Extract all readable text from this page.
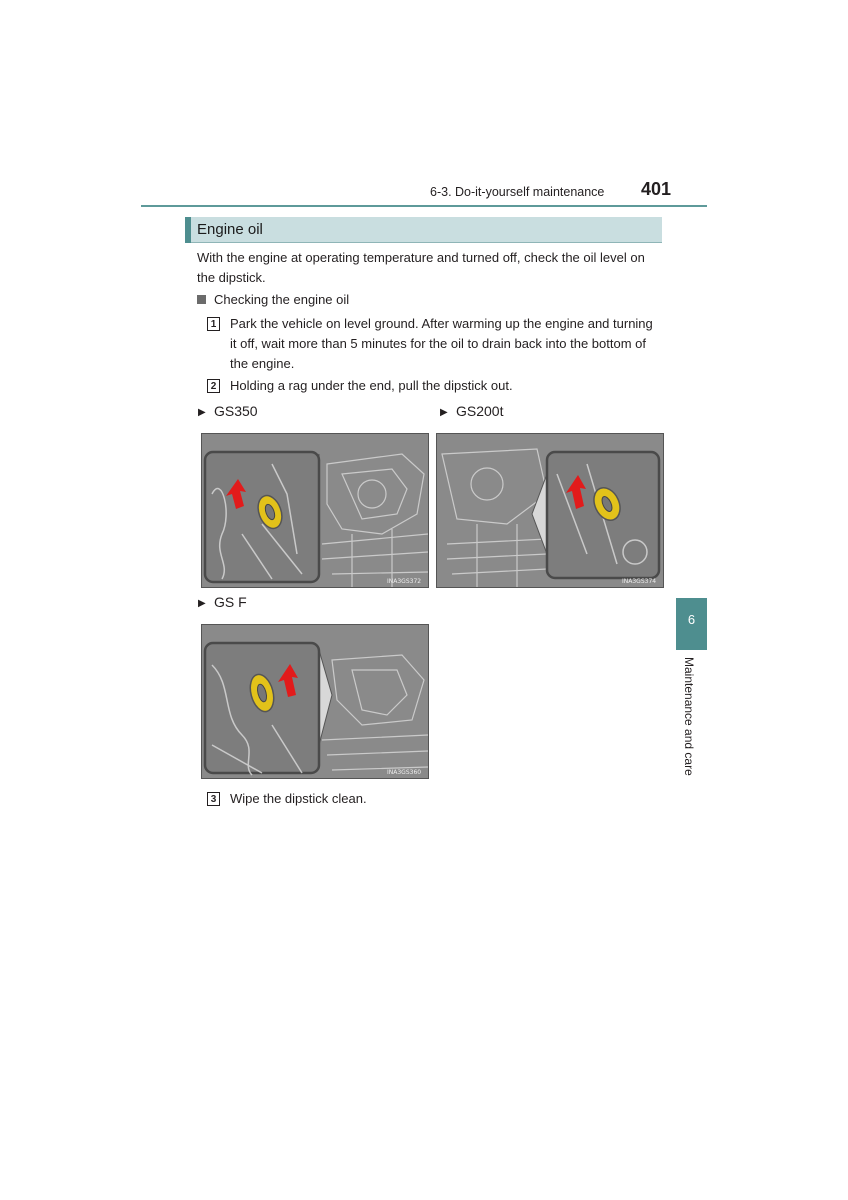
6-3. Do-it-yourself maintenance 401
Engine oil
With the engine at operating temperature and turned off, check the oil level on the dipstick.
Checking the engine oil
1 Park the vehicle on level ground. After warming up the engine and turning it off, wait more than 5 minutes for the oil to drain back into the bottom of the engine.
2 Holding a rag under the end, pull the dipstick out.
▶ GS350	▶ GS200t
INA3GS372	INA3GS374
▶ GS F
INA3GS360
3 Wipe the dipstick clean.
6
Maintenance and care
